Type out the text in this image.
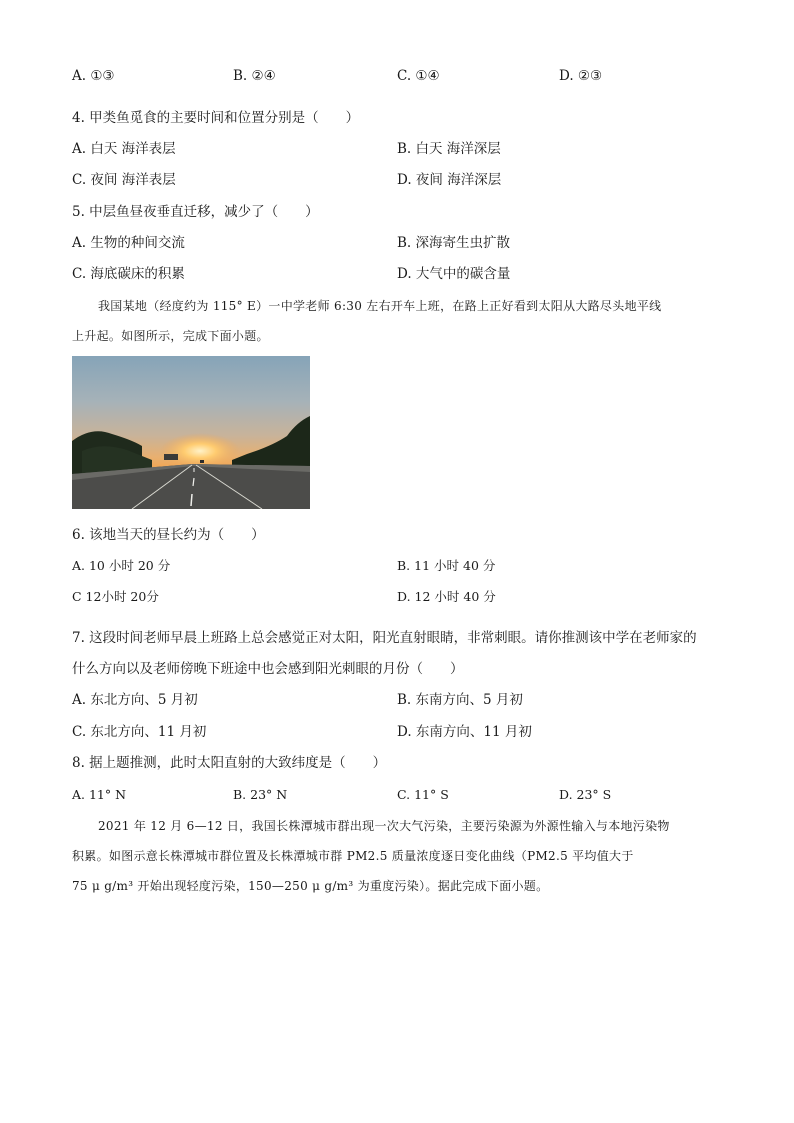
A. ①③	B. ②④	C. ①④	D. ②③
4. 甲类鱼觅食的主要时间和位置分别是（　　）
A. 白天 海洋表层	B. 白天 海洋深层
C. 夜间 海洋表层	D. 夜间 海洋深层
5. 中层鱼昼夜垂直迁移，减少了（　　）
A. 生物的种间交流	B. 深海寄生虫扩散
C. 海底碳床的积累	D. 大气中的碳含量
我国某地（经度约为 115° E）一中学老师 6:30 左右开车上班，在路上正好看到太阳从大路尽头地平线
上升起。如图所示，完成下面小题。
6. 该地当天的昼长约为（　　）
A. 10 小时 20 分	B. 11 小时 40 分
C 12小时 20分	D. 12 小时 40 分
7. 这段时间老师早晨上班路上总会感觉正对太阳，阳光直射眼睛，非常刺眼。请你推测该中学在老师家的
什么方向以及老师傍晚下班途中也会感到阳光刺眼的月份（　　）
A. 东北方向、5 月初	B. 东南方向、5 月初
C. 东北方向、11 月初	D. 东南方向、11 月初
8. 据上题推测，此时太阳直射的大致纬度是（　　）
A. 11° N	B. 23° N	C. 11° S	D. 23° S
2021 年 12 月 6—12 日，我国长株潭城市群出现一次大气污染，主要污染源为外源性输入与本地污染物
积累。如图示意长株潭城市群位置及长株潭城市群 PM2.5 质量浓度逐日变化曲线（PM2.5 平均值大于
75 μ g/m³ 开始出现轻度污染，150—250 μ g/m³ 为重度污染）。据此完成下面小题。
